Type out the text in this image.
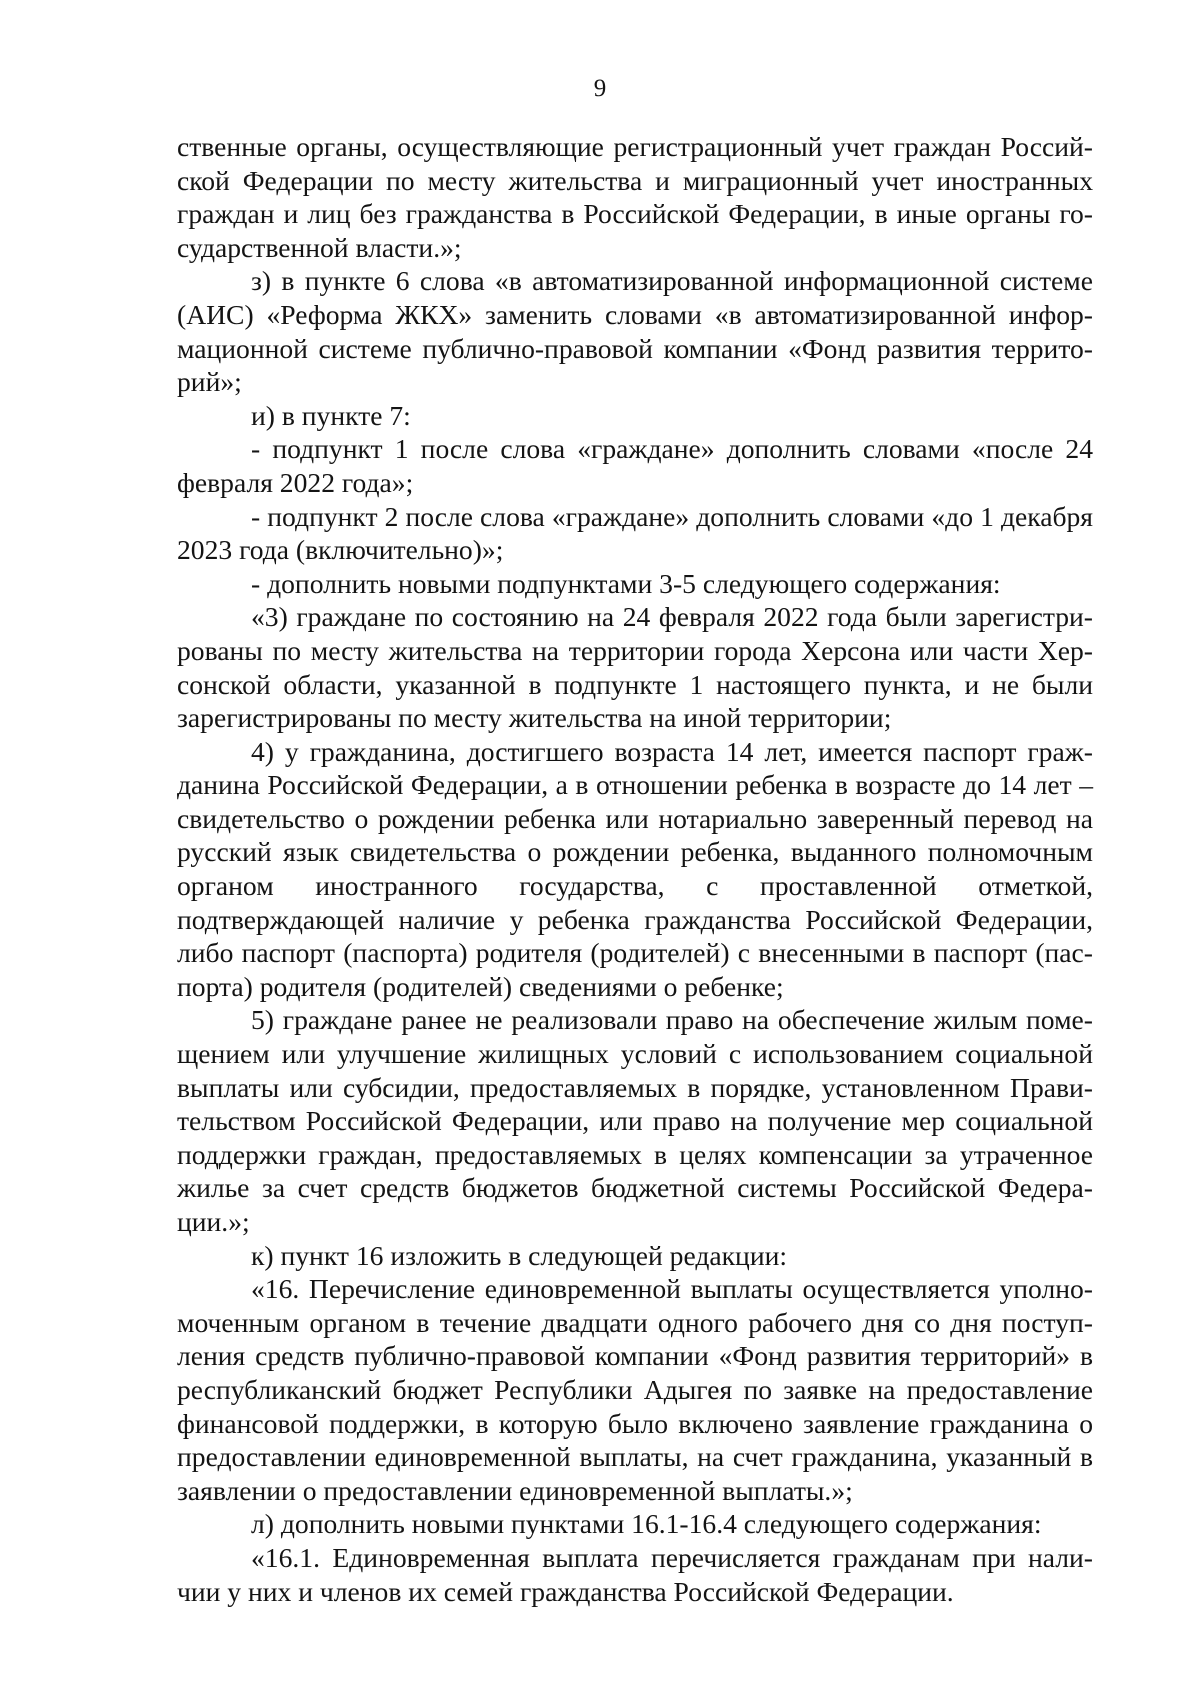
9

ственные органы, осуществляющие регистрационный учет граждан Российской Федерации по месту жительства и миграционный учет иностранных граждан и лиц без гражданства в Российской Федерации, в иные органы государственной власти.»;

з) в пункте 6 слова «в автоматизированной информационной системе (АИС) «Реформа ЖКХ» заменить словами «в автоматизированной информационной системе публично-правовой компании «Фонд развития территорий»;

и) в пункте 7:

- подпункт 1 после слова «граждане» дополнить словами «после 24 февраля 2022 года»;

- подпункт 2 после слова «граждане» дополнить словами «до 1 декабря 2023 года (включительно)»;

- дополнить новыми подпунктами 3-5 следующего содержания:

«3) граждане по состоянию на 24 февраля 2022 года были зарегистрированы по месту жительства на территории города Херсона или части Херсонской области, указанной в подпункте 1 настоящего пункта, и не были зарегистрированы по месту жительства на иной территории;

4) у гражданина, достигшего возраста 14 лет, имеется паспорт гражданина Российской Федерации, а в отношении ребенка в возрасте до 14 лет – свидетельство о рождении ребенка или нотариально заверенный перевод на русский язык свидетельства о рождении ребенка, выданного полномочным органом иностранного государства, с проставленной отметкой, подтверждающей наличие у ребенка гражданства Российской Федерации, либо паспорт (паспорта) родителя (родителей) с внесенными в паспорт (паспорта) родителя (родителей) сведениями о ребенке;

5) граждане ранее не реализовали право на обеспечение жилым помещением или улучшение жилищных условий с использованием социальной выплаты или субсидии, предоставляемых в порядке, установленном Правительством Российской Федерации, или право на получение мер социальной поддержки граждан, предоставляемых в целях компенсации за утраченное жилье за счет средств бюджетов бюджетной системы Российской Федерации.»;

к) пункт 16 изложить в следующей редакции:

«16. Перечисление единовременной выплаты осуществляется уполномоченным органом в течение двадцати одного рабочего дня со дня поступления средств публично-правовой компании «Фонд развития территорий» в республиканский бюджет Республики Адыгея по заявке на предоставление финансовой поддержки, в которую было включено заявление гражданина о предоставлении единовременной выплаты, на счет гражданина, указанный в заявлении о предоставлении единовременной выплаты.»;

л) дополнить новыми пунктами 16.1-16.4 следующего содержания:

«16.1. Единовременная выплата перечисляется гражданам при наличии у них и членов их семей гражданства Российской Федерации.
